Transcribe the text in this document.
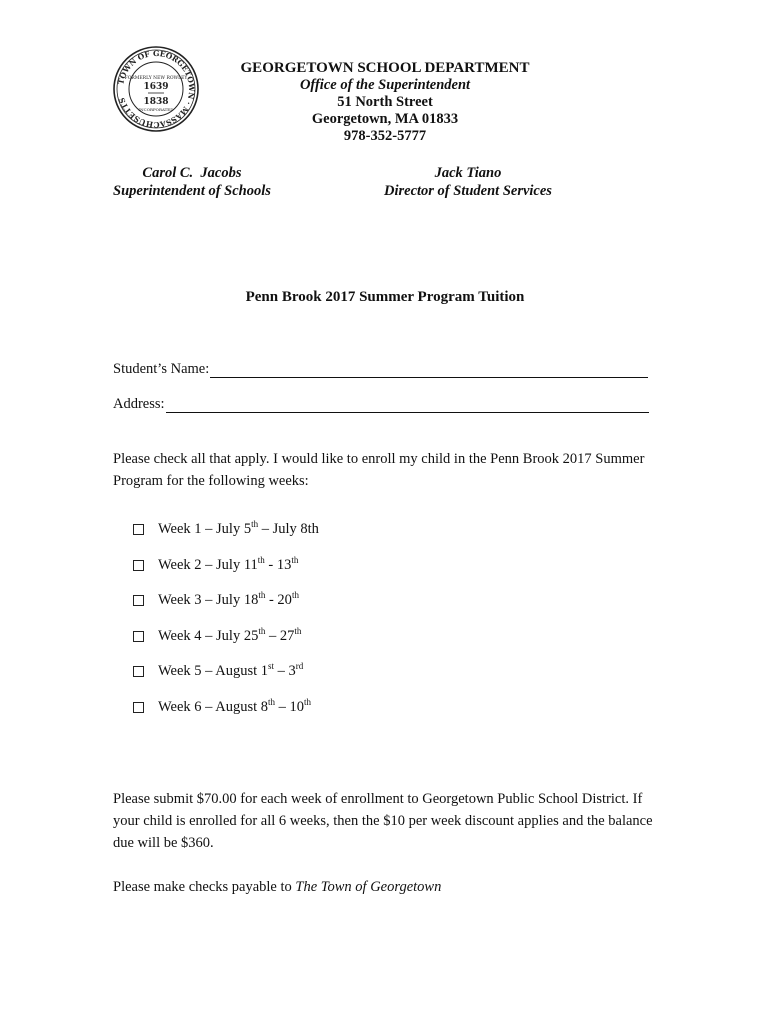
TOWN OF GEORGETOWN · MASSACHUSETTS
FORMERLY NEW ROWLEY
1639
1838
INCORPORATED
GEORGETOWN SCHOOL DEPARTMENT
Office of the Superintendent
51 North Street
Georgetown, MA 01833
978-352-5777
Carol C.  Jacobs
Superintendent of Schools
Jack Tiano
Director of Student Services
Penn Brook 2017 Summer Program Tuition
Student’s Name:
Address:
Please check all that apply. I would like to enroll my child in the Penn Brook 2017 Summer Program for the following weeks:
Week 1 – July 5th – July 8th
Week 2 – July 11th - 13th
Week 3 – July 18th - 20th
Week 4 – July 25th – 27th
Week 5 – August 1st – 3rd
Week 6 – August 8th – 10th
Please submit $70.00 for each week of enrollment to Georgetown Public School District. If your child is enrolled for all 6 weeks, then the $10 per week discount applies and the balance due will be $360.
Please make checks payable to The Town of Georgetown
